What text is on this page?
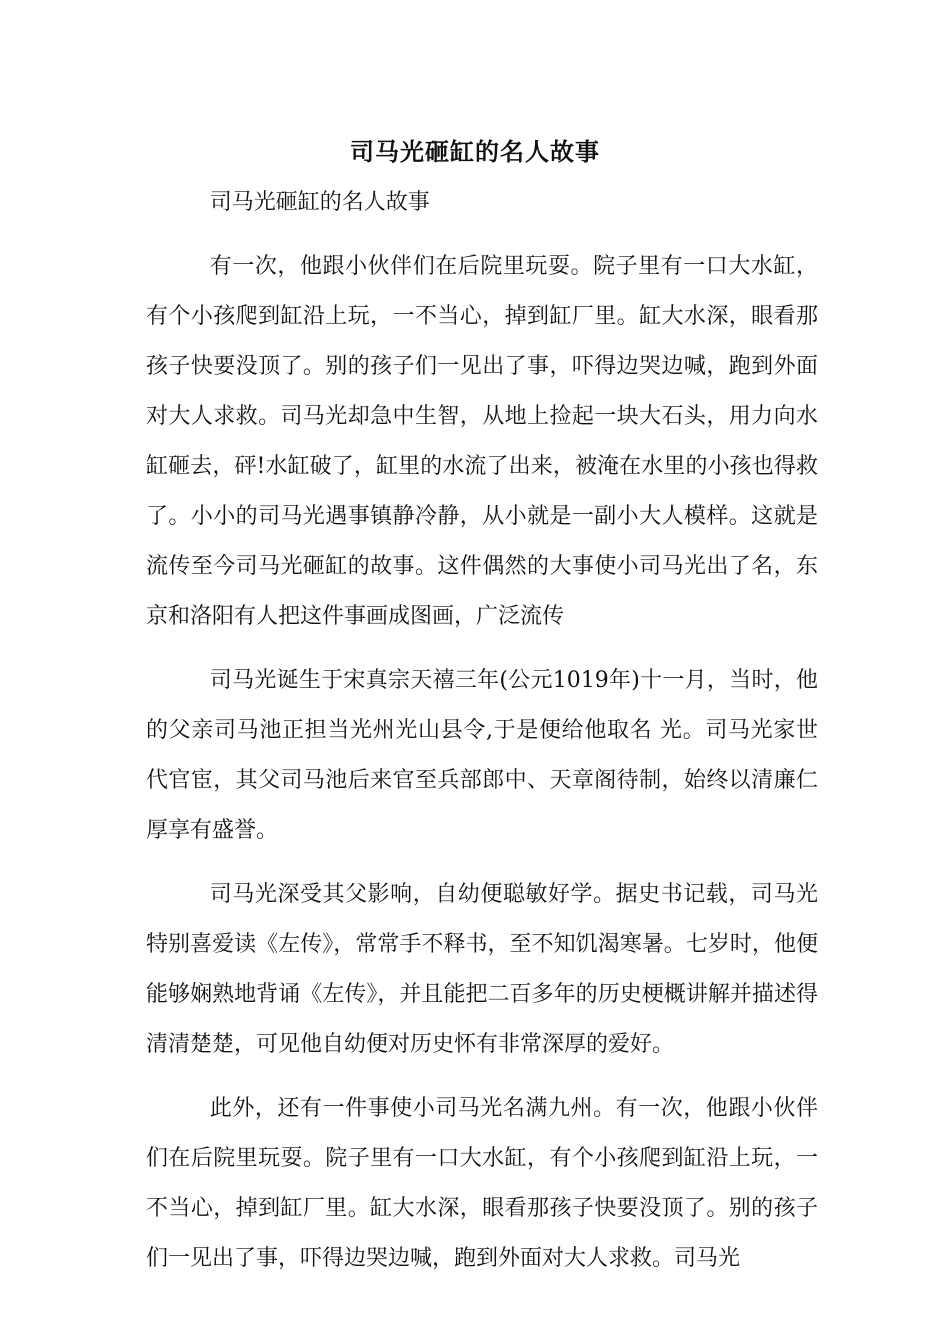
司马光砸缸的名人故事

司马光砸缸的名人故事

有一次，他跟小伙伴们在后院里玩耍。院子里有一口大水缸，有个小孩爬到缸沿上玩，一不当心，掉到缸厂里。缸大水深，眼看那孩子快要没顶了。别的孩子们一见出了事，吓得边哭边喊，跑到外面对大人求救。司马光却急中生智，从地上捡起一块大石头，用力向水缸砸去，砰!水缸破了，缸里的水流了出来，被淹在水里的小孩也得救了。小小的司马光遇事镇静冷静，从小就是一副小大人模样。这就是流传至今司马光砸缸的故事。这件偶然的大事使小司马光出了名，东京和洛阳有人把这件事画成图画，广泛流传

司马光诞生于宋真宗天禧三年(公元1019年)十一月，当时，他的父亲司马池正担当光州光山县令,于是便给他取名 光。司马光家世代官宦，其父司马池后来官至兵部郎中、天章阁待制，始终以清廉仁厚享有盛誉。

司马光深受其父影响，自幼便聪敏好学。据史书记载，司马光特别喜爱读《左传》，常常手不释书，至不知饥渴寒暑。七岁时，他便能够娴熟地背诵《左传》，并且能把二百多年的历史梗概讲解并描述得清清楚楚，可见他自幼便对历史怀有非常深厚的爱好。

此外，还有一件事使小司马光名满九州。有一次，他跟小伙伴们在后院里玩耍。院子里有一口大水缸，有个小孩爬到缸沿上玩，一不当心，掉到缸厂里。缸大水深，眼看那孩子快要没顶了。别的孩子们一见出了事，吓得边哭边喊，跑到外面对大人求救。司马光
